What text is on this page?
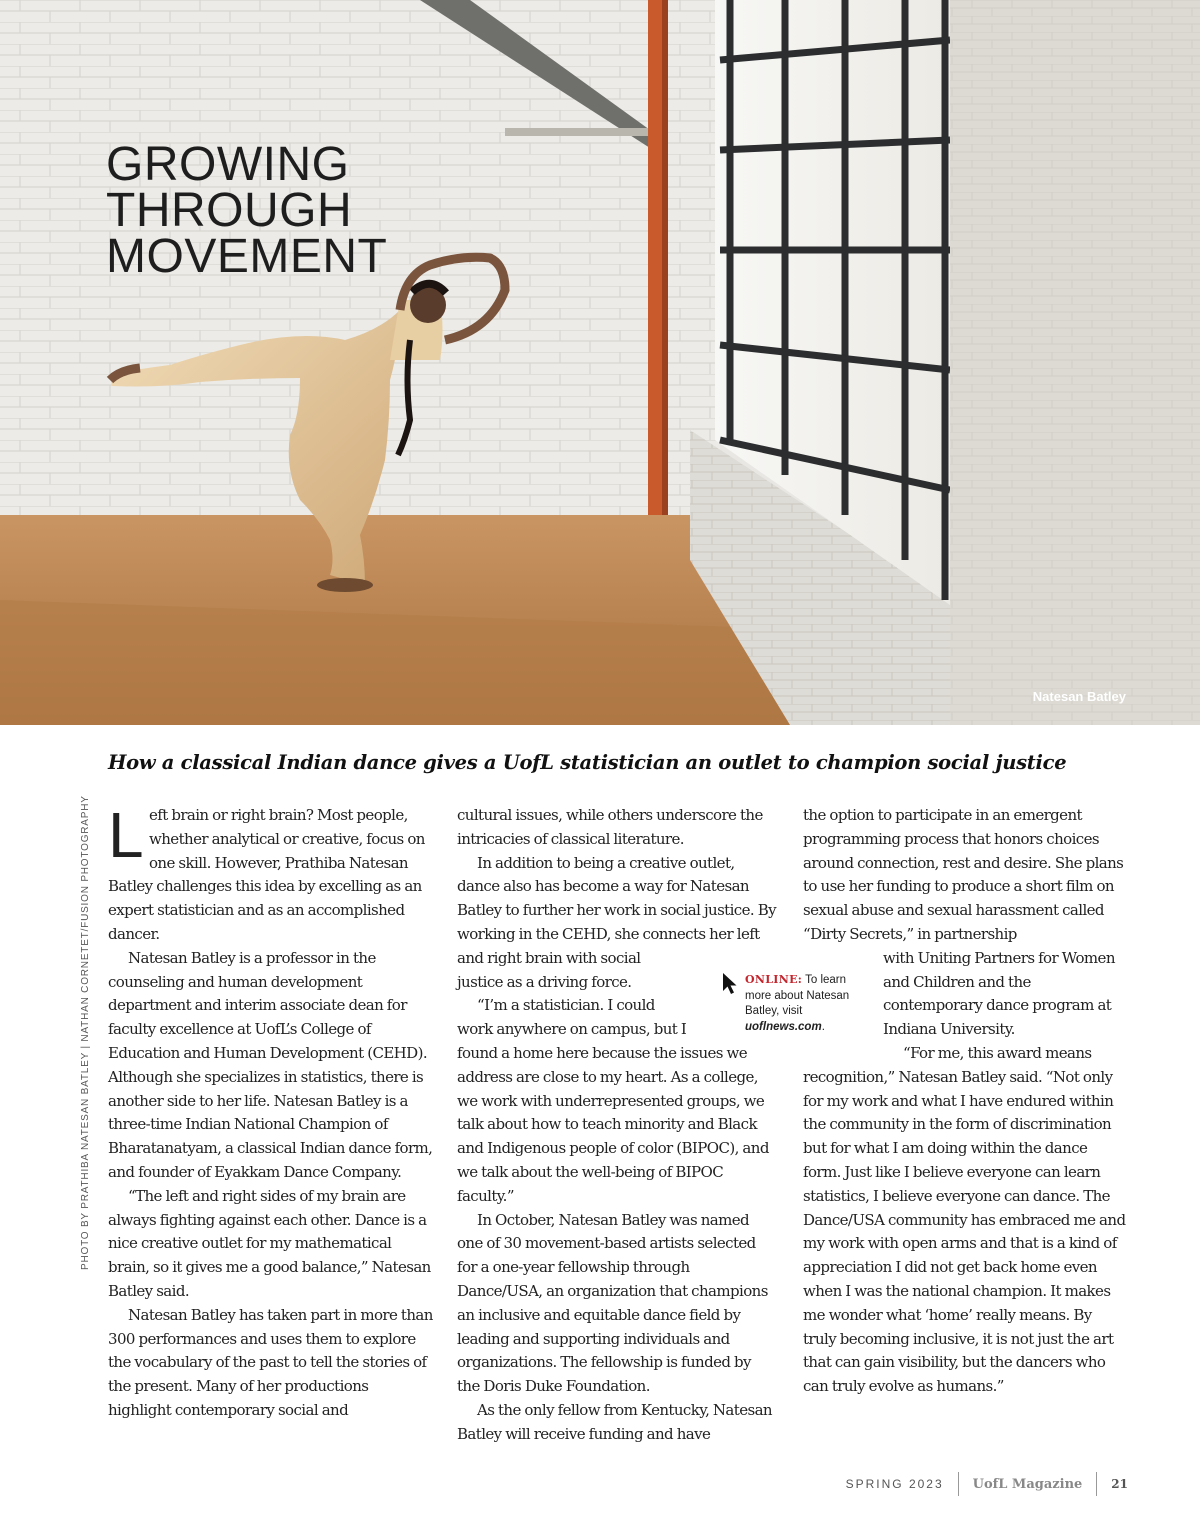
GROWING
THROUGH
MOVEMENT
Natesan Batley
How a classical Indian dance gives a UofL statistician an outlet to champion social justice
PHOTO BY PRATHIBA NATESAN BATLEY | NATHAN CORNETET/FUSION PHOTOGRAPHY Left brain or right brain? Most people, whether analytical or creative, focus on one skill. However, Prathiba Natesan Batley challenges this idea by excelling as an expert statistician and as an accomplished dancer.

Natesan Batley is a professor in the counseling and human development department and interim associate dean for faculty excellence at UofL’s College of Education and Human Development (CEHD). Although she specializes in statistics, there is another side to her life. Natesan Batley is a three-time Indian National Champion of Bharatanatyam, a classical Indian dance form, and founder of Eyakkam Dance Company.

“The left and right sides of my brain are always fighting against each other. Dance is a nice creative outlet for my mathematical brain, so it gives me a good balance,” Natesan Batley said.

Natesan Batley has taken part in more than 300 performances and uses them to explore the vocabulary of the past to tell the stories of the present. Many of her productions highlight contemporary social and

cultural issues, while others underscore the intricacies of classical literature.

In addition to being a creative outlet, dance also has become a way for Natesan Batley to further her work in social justice. By working in the CEHD, she connects her left and right brain with social justice as a driving force.

“I’m a statistician. I could work anywhere on campus, but I found a home here because the issues we address are close to my heart. As a college, we work with underrepresented groups, we talk about how to teach minority and Black and Indigenous people of color (BIPOC), and we talk about the well-being of BIPOC faculty.”

In October, Natesan Batley was named one of 30 movement-based artists selected for a one-year fellowship through Dance/USA, an organization that champions an inclusive and equitable dance field by leading and supporting individuals and organizations. The fellowship is funded by the Doris Duke Foundation.

As the only fellow from Kentucky, Natesan Batley will receive funding and have

ONLINE: To learn more about Natesan Batley, visit uoflnews.com.

the option to participate in an emergent programming process that honors choices around connection, rest and desire. She plans to use her funding to produce a short film on sexual abuse and sexual harassment called “Dirty Secrets,” in partnership

with Uniting Partners for Women and Children and the contemporary dance program at Indiana University.

“For me, this award means recognition,” Natesan Batley said. “Not only for my work and what I have endured within the community in the form of discrimination but for what I am doing within the dance form. Just like I believe everyone can learn statistics, I believe everyone can dance. The Dance/USA community has embraced me and my work with open arms and that is a kind of appreciation I did not get back home even when I was the national champion. It makes me wonder what ‘home’ really means. By truly becoming inclusive, it is not just the art that can gain visibility, but the dancers who can truly evolve as humans.”

SPRING 2023 UofL Magazine 21
